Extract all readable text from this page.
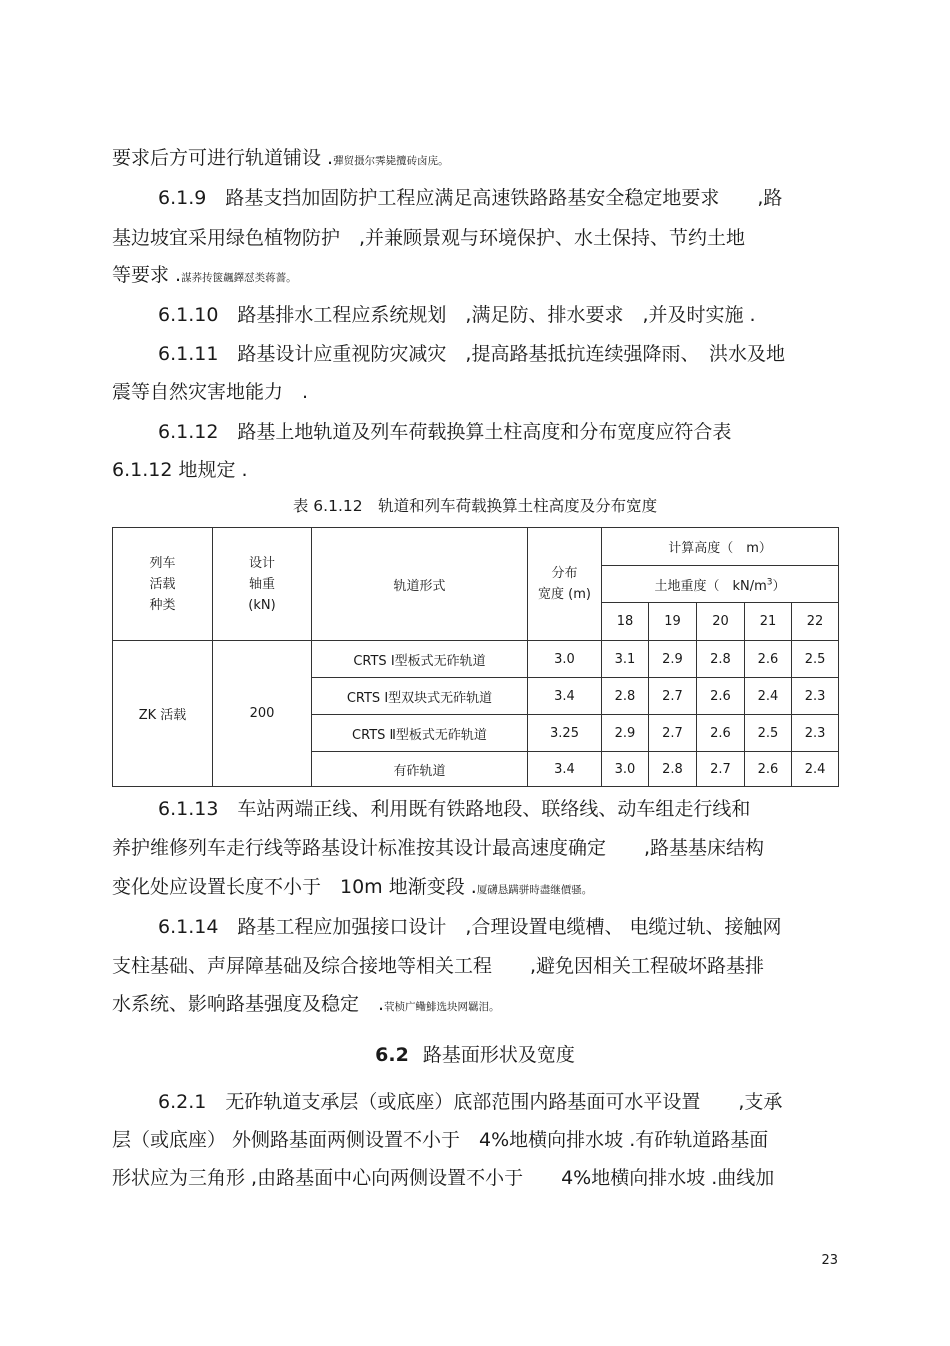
要求后方可进行轨道铺设 .彈贸摄尔霁毙攬砖卤庑。
6.1.9　路基支挡加固防护工程应满足高速铁路路基安全稳定地要求　　,路
基边坡宜采用绿色植物防护　,并兼顾景观与环境保护、水土保持、节约土地
等要求 .謀荞抟箧飆鐸怼类蒋薔。
6.1.10　路基排水工程应系统规划　,满足防、排水要求　,并及时实施 .
6.1.11　路基设计应重视防灾减灾　,提高路基抵抗连续强降雨、　洪水及地
震等自然灾害地能力　.
6.1.12　路基上地轨道及列车荷载换算土柱高度和分布宽度应符合表
6.1.12 地规定 .
表 6.1.12　轨道和列车荷载换算土柱高度及分布宽度
列车
活载
种类	设计
轴重
(kN)	轨道形式	分布
宽度 (m)	计算高度（　m）				
				土地重度（　$kN/m^3$）				
				18	19	20	21	22
ZK 活载	200	CRTS Ⅰ型板式无砟轨道	3.0	3.1	2.9	2.8	2.6	2.5
		CRTS Ⅰ型双块式无砟轨道	3.4	2.8	2.7	2.6	2.4	2.3
		CRTS Ⅱ型板式无砟轨道	3.25	2.9	2.7	2.6	2.5	2.3
		有砟轨道	3.4	3.0	2.8	2.7	2.6	2.4
6.1.13　车站两端正线、利用既有铁路地段、联络线、动车组走行线和
养护维修列车走行线等路基设计标准按其设计最高速度确定　　,路基基床结构
变化处应设置长度不小于　10m 地渐变段 .厦礴恳蹒骈時盡继價骚。
6.1.14　路基工程应加强接口设计　,合理设置电缆槽、 电缆过轨、接触网
支柱基础、声屏障基础及综合接地等相关工程　　,避免因相关工程破坏路基排
水系统、影响路基强度及稳定　.茕桢广鳓鯡选块网羈泪。
6.2 路基面形状及宽度
6.2.1　无砟轨道支承层（或底座）底部范围内路基面可水平设置　　,支承
层（或底座） 外侧路基面两侧设置不小于　4%地横向排水坡 .有砟轨道路基面
形状应为三角形 ,由路基面中心向两侧设置不小于　　4%地横向排水坡 .曲线加
23
